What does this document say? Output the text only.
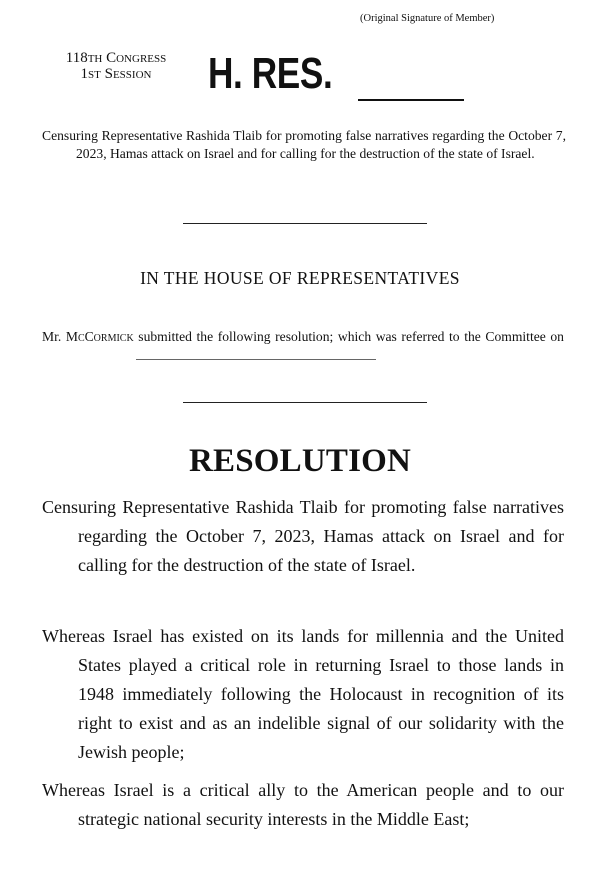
(Original Signature of Member)
118th Congress
1st Session	H. RES.
Censuring Representative Rashida Tlaib for promoting false narratives regarding the October 7, 2023, Hamas attack on Israel and for calling for the destruction of the state of Israel.
IN THE HOUSE OF REPRESENTATIVES
Mr. McCormick submitted the following resolution; which was referred to the Committee on
RESOLUTION

Censuring Representative Rashida Tlaib for promoting false narratives regarding the October 7, 2023, Hamas attack on Israel and for calling for the destruction of the state of Israel.

Whereas Israel has existed on its lands for millennia and the United States played a critical role in returning Israel to those lands in 1948 immediately following the Holocaust in recognition of its right to exist and as an indelible signal of our solidarity with the Jewish people;

Whereas Israel is a critical ally to the American people and to our strategic national security interests in the Middle East;
